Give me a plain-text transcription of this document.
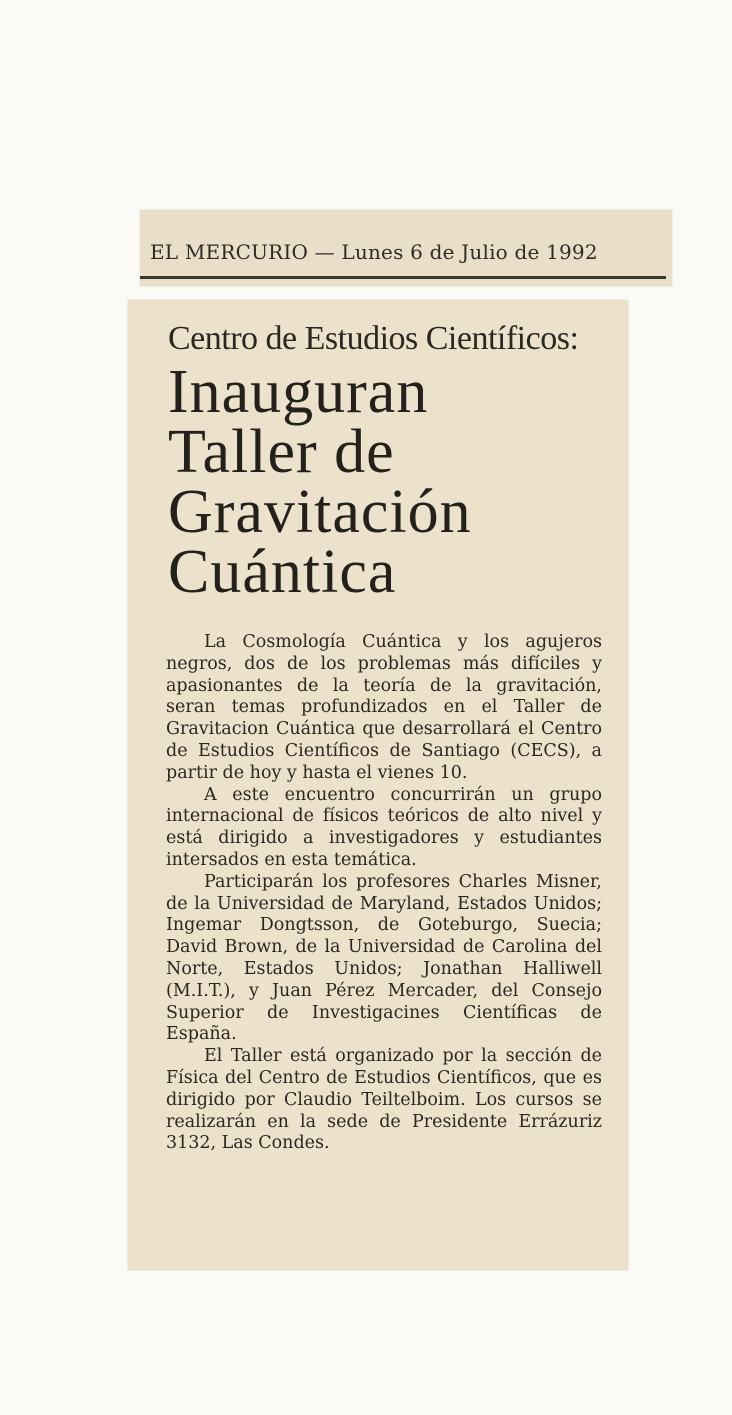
EL MERCURIO — Lunes 6 de Julio de 1992
Centro de Estudios Científicos:
Inauguran
Taller de
Gravitación
Cuántica

La Cosmología Cuántica y los agujeros negros, dos de los problemas más difíciles y apasionantes de la teoría de la gravitación, seran temas profundizados en el Taller de Gravitacion Cuántica que desarrollará el Centro de Estudios Científicos de Santiago (CECS), a partir de hoy y hasta el vienes 10.

A este encuentro concurrirán un grupo internacional de físicos teóricos de alto nivel y está dirigido a investigadores y estudiantes intersados en esta temática.

Participarán los profesores Charles Misner, de la Universidad de Maryland, Estados Unidos; Ingemar Dongtsson, de Goteburgo, Suecia; David Brown, de la Universidad de Carolina del Norte, Estados Unidos; Jonathan Halliwell (M.I.T.), y Juan Pérez Mercader, del Consejo Superior de Investigacines Científicas de España.

El Taller está organizado por la sección de Física del Centro de Estudios Científicos, que es dirigido por Claudio Teiltelboim. Los cursos se realizarán en la sede de Presidente Errázuriz 3132, Las Condes.
